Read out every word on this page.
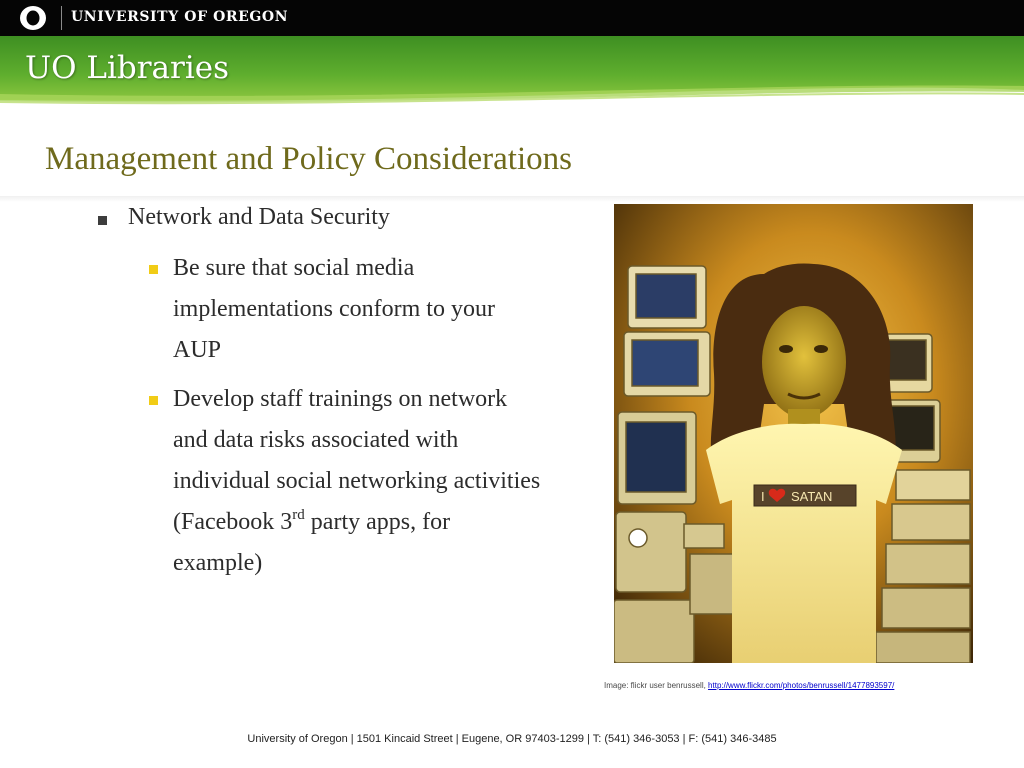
UNIVERSITY OF OREGON
UO Libraries
Management and Policy Considerations
Network and Data Security
Be sure that social media
implementations conform to your
AUP
Develop staff trainings on network
and data risks associated with
individual social networking activities
(Facebook 3rd party apps, for
example)
I SATAN
Image: flickr user benrussell, http://www.flickr.com/photos/benrussell/1477893597/
University of Oregon | 1501 Kincaid Street | Eugene, OR 97403-1299 | T: (541) 346-3053 | F: (541) 346-3485
